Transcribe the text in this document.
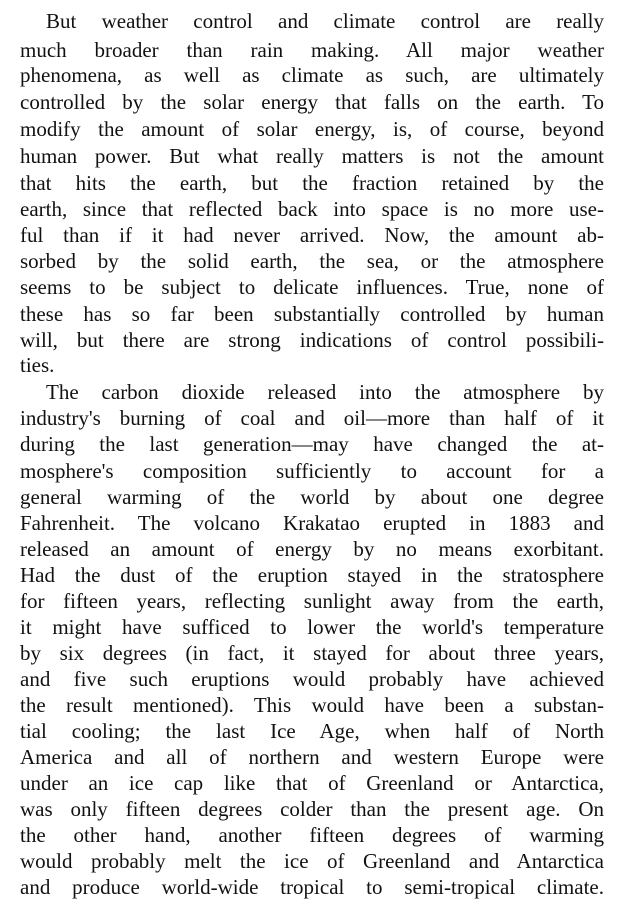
But weather control and climate control are really
much broader than rain making. All major weather
phenomena, as well as climate as such, are ultimately
controlled by the solar energy that falls on the earth. To
modify the amount of solar energy, is, of course, beyond
human power. But what really matters is not the amount
that hits the earth, but the fraction retained by the
earth, since that reflected back into space is no more use-
ful than if it had never arrived. Now, the amount ab-
sorbed by the solid earth, the sea, or the atmosphere
seems to be subject to delicate influences. True, none of
these has so far been substantially controlled by human
will, but there are strong indications of control possibili-
ties.
The carbon dioxide released into the atmosphere by
industry's burning of coal and oil—more than half of it
during the last generation—may have changed the at-
mosphere's composition sufficiently to account for a
general warming of the world by about one degree
Fahrenheit. The volcano Krakatao erupted in 1883 and
released an amount of energy by no means exorbitant.
Had the dust of the eruption stayed in the stratosphere
for fifteen years, reflecting sunlight away from the earth,
it might have sufficed to lower the world's temperature
by six degrees (in fact, it stayed for about three years,
and five such eruptions would probably have achieved
the result mentioned). This would have been a substan-
tial cooling; the last Ice Age, when half of North
America and all of northern and western Europe were
under an ice cap like that of Greenland or Antarctica,
was only fifteen degrees colder than the present age. On
the other hand, another fifteen degrees of warming
would probably melt the ice of Greenland and Antarctica
and produce world-wide tropical to semi-tropical climate.
